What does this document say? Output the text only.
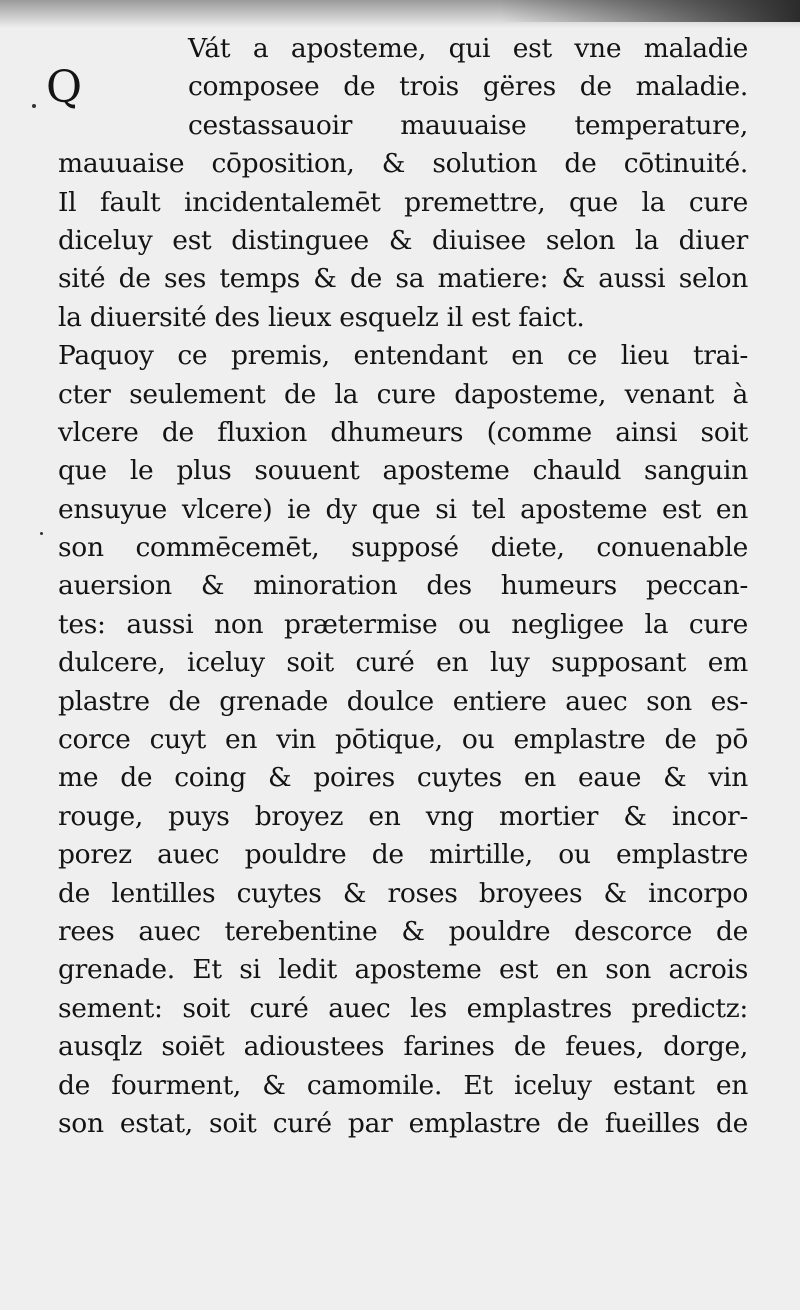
Q
Vát a aposteme, qui est vne maladie
composee de trois gëres de maladie.
cestassauoir mauuaise temperature,
mauuaise cōposition, & solution de cōtinuité.
Il fault incidentalemēt premettre, que la cure
diceluy est distinguee & diuisee selon la diuer
sité de ses temps & de sa matiere: & aussi selon
la diuersité des lieux esquelz il est faict.
Paquoy ce premis, entendant en ce lieu trai-
cter seulement de la cure daposteme, venant à
vlcere de fluxion dhumeurs (comme ainsi soit
que le plus souuent aposteme chauld sanguin
ensuyue vlcere) ie dy que si tel aposteme est en
son commēcemēt, supposé diete, conuenable
auersion & minoration des humeurs peccan-
tes: aussi non prætermise ou negligee la cure
dulcere, iceluy soit curé en luy supposant em
plastre de grenade doulce entiere auec son es-
corce cuyt en vin pōtique, ou emplastre de pō
me de coing & poires cuytes en eaue & vin
rouge, puys broyez en vng mortier & incor-
porez auec pouldre de mirtille, ou emplastre
de lentilles cuytes & roses broyees & incorpo
rees auec terebentine & pouldre descorce de
grenade. Et si ledit aposteme est en son acrois
sement: soit curé auec les emplastres predictz:
ausqlz soiēt adioustees farines de feues, dorge,
de fourment, & camomile. Et iceluy estant en
son estat, soit curé par emplastre de fueilles de
